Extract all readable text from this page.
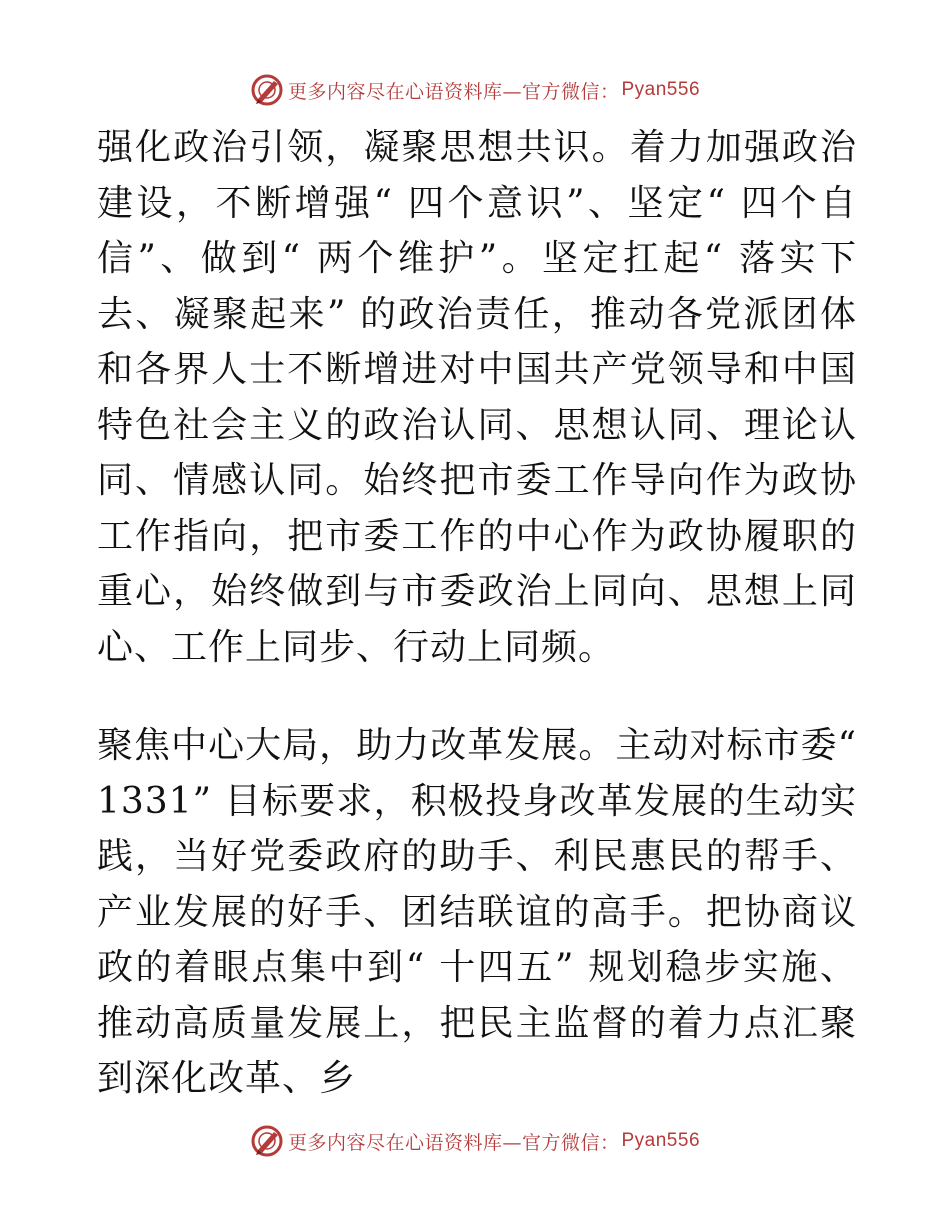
更多内容尽在心语资料库—官方微信： Pyan556

强化政治引领，凝聚思想共识。着力加强政治建设，不断增强“ 四个意识”、坚定“ 四个自信”、做到“ 两个维护”。坚定扛起“ 落实下去、凝聚起来” 的政治责任，推动各党派团体和各界人士不断增进对中国共产党领导和中国特色社会主义的政治认同、思想认同、理论认同、情感认同。始终把市委工作导向作为政协工作指向，把市委工作的中心作为政协履职的重心，始终做到与市委政治上同向、思想上同心、工作上同步、行动上同频。

聚焦中心大局，助力改革发展。主动对标市委“ 1331” 目标要求，积极投身改革发展的生动实践，当好党委政府的助手、利民惠民的帮手、产业发展的好手、团结联谊的高手。把协商议政的着眼点集中到“ 十四五” 规划稳步实施、推动高质量发展上，把民主监督的着力点汇聚到深化改革、乡

更多内容尽在心语资料库—官方微信： Pyan556
